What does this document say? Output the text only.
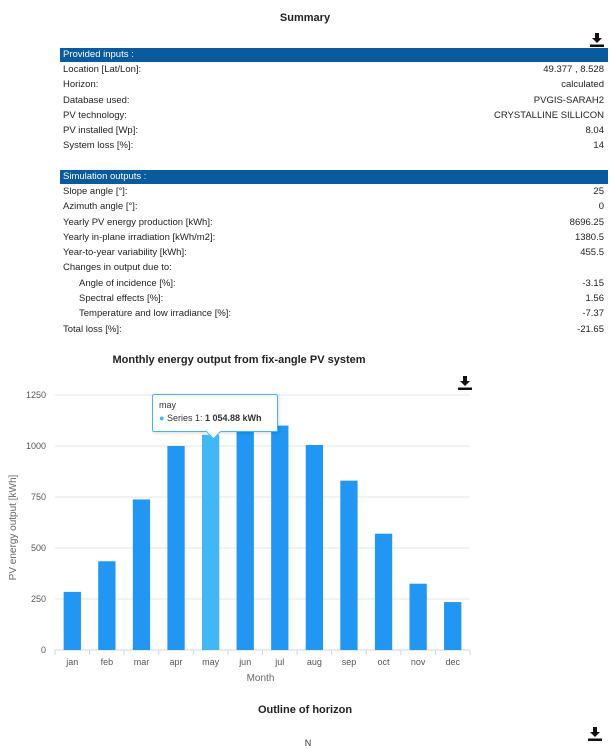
Summary
Provided inputs :
Location [Lat/Lon]:	49.377 , 8.528
Horizon:	calculated
Database used:	PVGIS-SARAH2
PV technology:	CRYSTALLINE SILLICON
PV installed [Wp]:	8.04
System loss [%]:	14
Simulation outputs :
Slope angle [°]:	25
Azimuth angle [°]:	0
Yearly PV energy production [kWh]:	8696.25
Yearly in-plane irradiation [kWh/m2]:	1380.5
Year-to-year variability [kWh]:	455.5
Changes in output due to:
Angle of incidence [%]:	-3.15
Spectral effects [%]:	1.56
Temperature and low irradiance [%]:	-7.37
Total loss [%]:	-21.65
Monthly energy output from fix-angle PV system
0
250
500
750
1000
1250
jan feb mar apr may jun	jul	aug sep oct nov dec
Month
PV energy output [kWh]
may
● Series 1: 1 054.88 kWh
Outline of horizon
N
